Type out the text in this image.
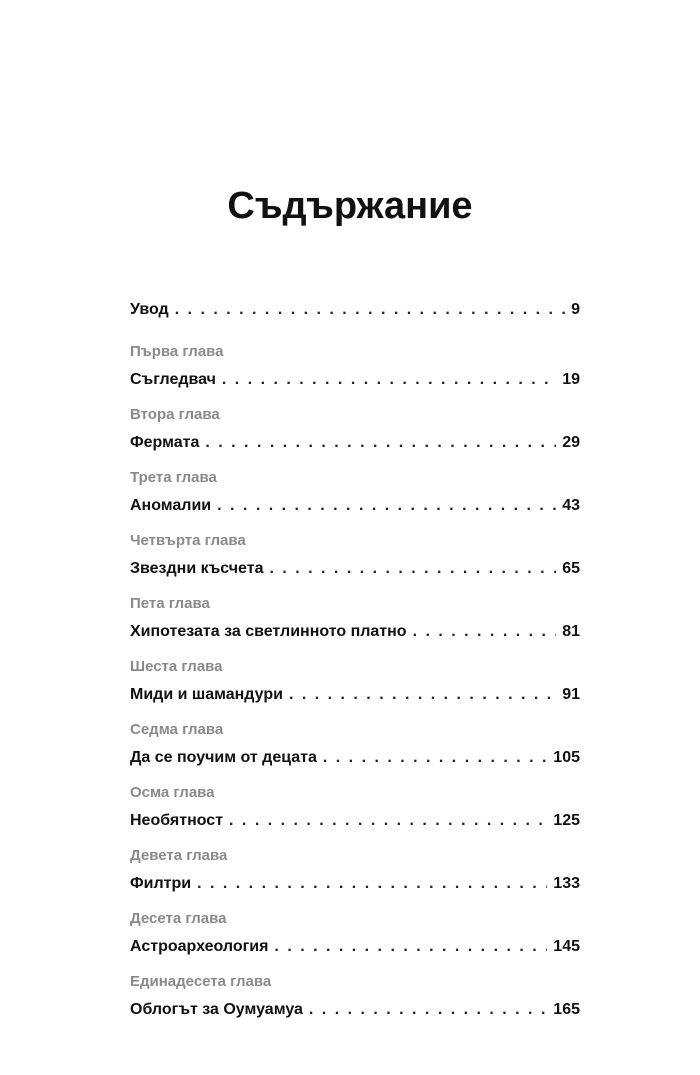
Съдържание
Увод . . .	9
Първа глава
Съгледвач . . .	19
Втора глава
Фермата . . .	29
Трета глава
Аномалии . . .	43
Четвърта глава
Звездни късчета . . .	65
Пета глава
Хипотезата за светлинното платно . . .	81
Шеста глава
Миди и шамандури . . .	91
Седма глава
Да се поучим от децата . . .	105
Осма глава
Необятност . . .	125
Девета глава
Филтри . . .	133
Десета глава
Астроархеология . . .	145
Единадесета глава
Облогът за Оумуамуа . . .	165
